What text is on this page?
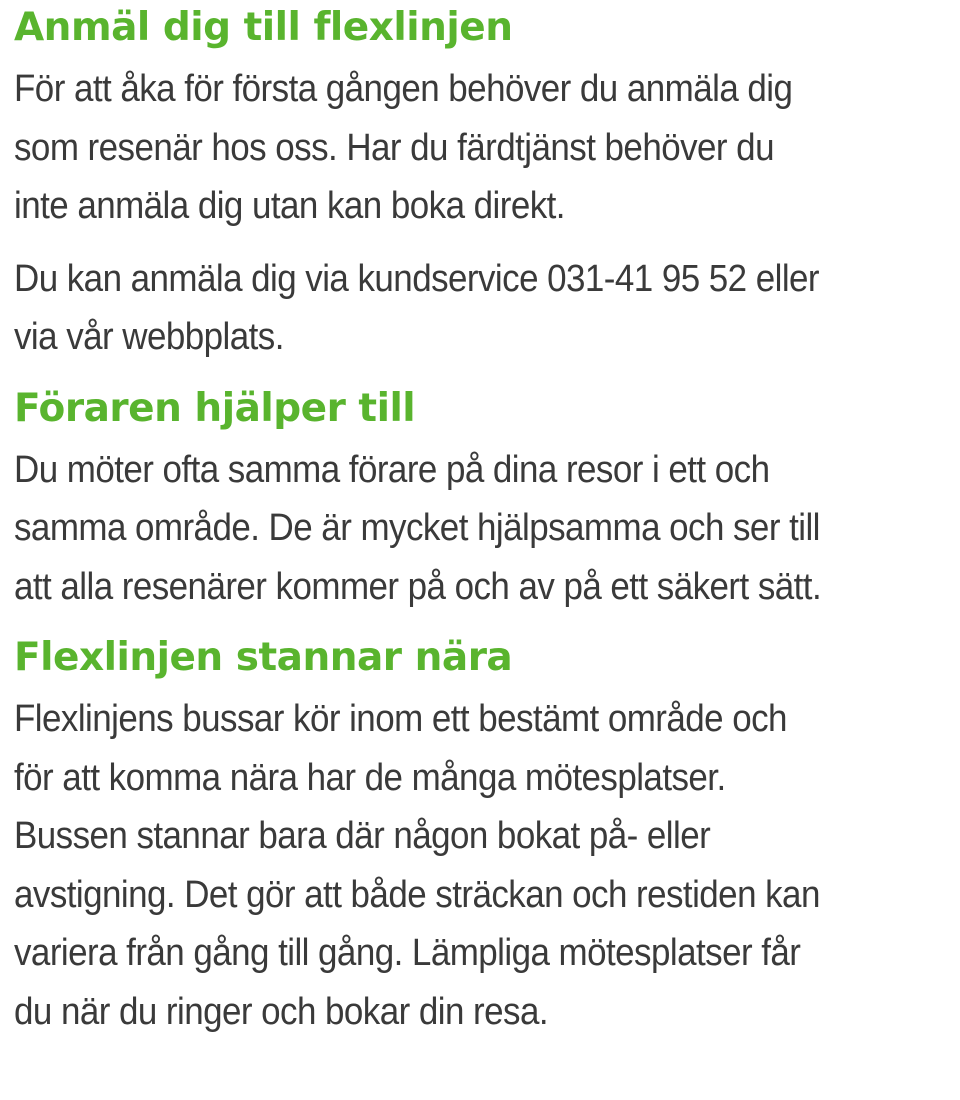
Anmäl dig till flexlinjen

För att åka för första gången behöver du anmäla dig
som resenär hos oss. Har du färdtjänst behöver du
inte anmäla dig utan kan boka direkt.

Du kan anmäla dig via kundservice 031-41 95 52 eller
via vår webbplats.

Föraren hjälper till

Du möter ofta samma förare på dina resor i ett och
samma område. De är mycket hjälpsamma och ser till
att alla resenärer kommer på och av på ett säkert sätt.

Flexlinjen stannar nära

Flexlinjens bussar kör inom ett bestämt område och
för att komma nära har de många mötesplatser.
Bussen stannar bara där någon bokat på- eller
avstigning. Det gör att både sträckan och restiden kan
variera från gång till gång. Lämpliga mötesplatser får
du när du ringer och bokar din resa.
